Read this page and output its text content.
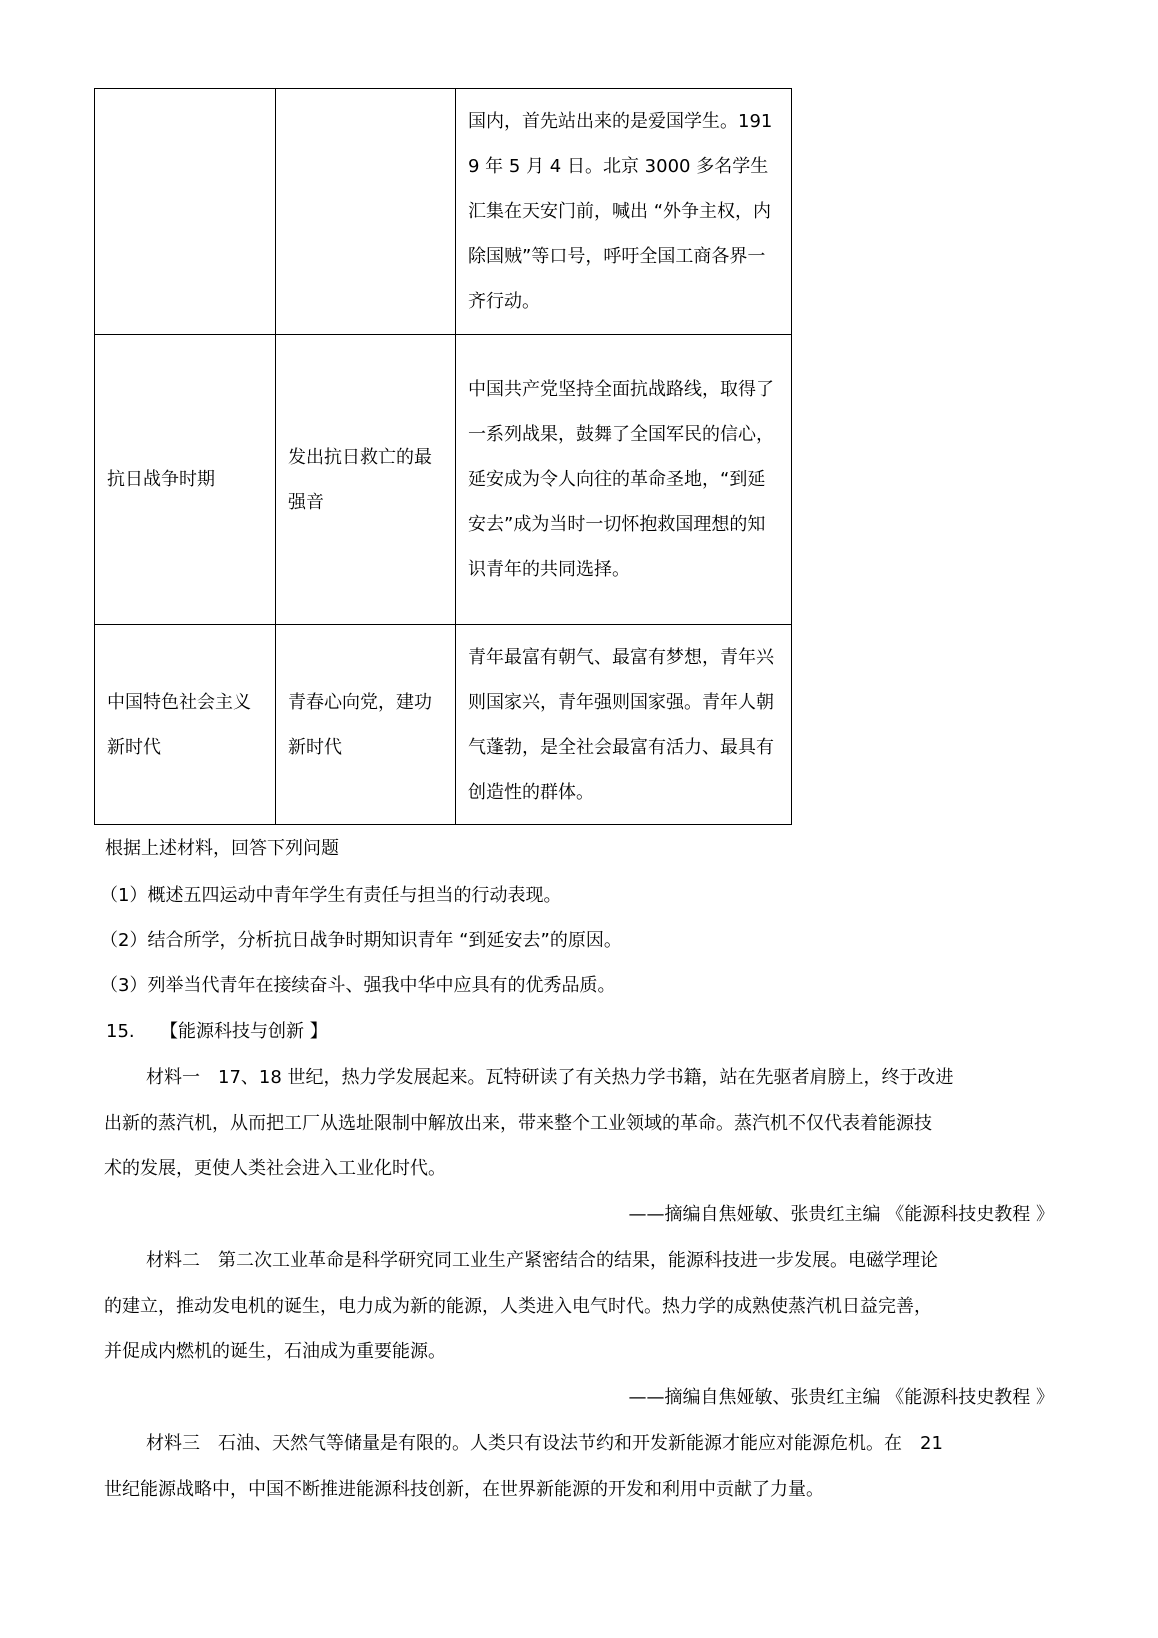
		国内，首先站出来的是爱国学生。1919 年 5 月 4 日。北京 3000 多名学生汇集在天安门前，喊出 “外争主权，内除国贼”等口号，呼吁全国工商各界一齐行动。
抗日战争时期	发出抗日救亡的最强音	中国共产党坚持全面抗战路线，取得了一系列战果，鼓舞了全国军民的信心，延安成为令人向往的革命圣地，“到延安去”成为当时一切怀抱救国理想的知识青年的共同选择。
中国特色社会主义新时代	青春心向党，建功新时代	青年最富有朝气、最富有梦想，青年兴则国家兴，青年强则国家强。青年人朝气蓬勃，是全社会最富有活力、最具有创造性的群体。
根据上述材料，回答下列问题
（1）概述五四运动中青年学生有责任与担当的行动表现。
（2）结合所学，分析抗日战争时期知识青年 “到延安去”的原因。
（3）列举当代青年在接续奋斗、强我中华中应具有的优秀品质。
15. 【能源科技与创新 】
材料一　17、18 世纪，热力学发展起来。瓦特研读了有关热力学书籍，站在先驱者肩膀上，终于改进
出新的蒸汽机，从而把工厂从选址限制中解放出来，带来整个工业领域的革命。蒸汽机不仅代表着能源技
术的发展，更使人类社会进入工业化时代。
——摘编自焦娅敏、张贵红主编 《能源科技史教程 》
材料二　第二次工业革命是科学研究同工业生产紧密结合的结果，能源科技进一步发展。电磁学理论
的建立，推动发电机的诞生，电力成为新的能源，人类进入电气时代。热力学的成熟使蒸汽机日益完善，
并促成内燃机的诞生，石油成为重要能源。
——摘编自焦娅敏、张贵红主编 《能源科技史教程 》
材料三　石油、天然气等储量是有限的。人类只有设法节约和开发新能源才能应对能源危机。在　21
世纪能源战略中，中国不断推进能源科技创新，在世界新能源的开发和利用中贡献了力量。
